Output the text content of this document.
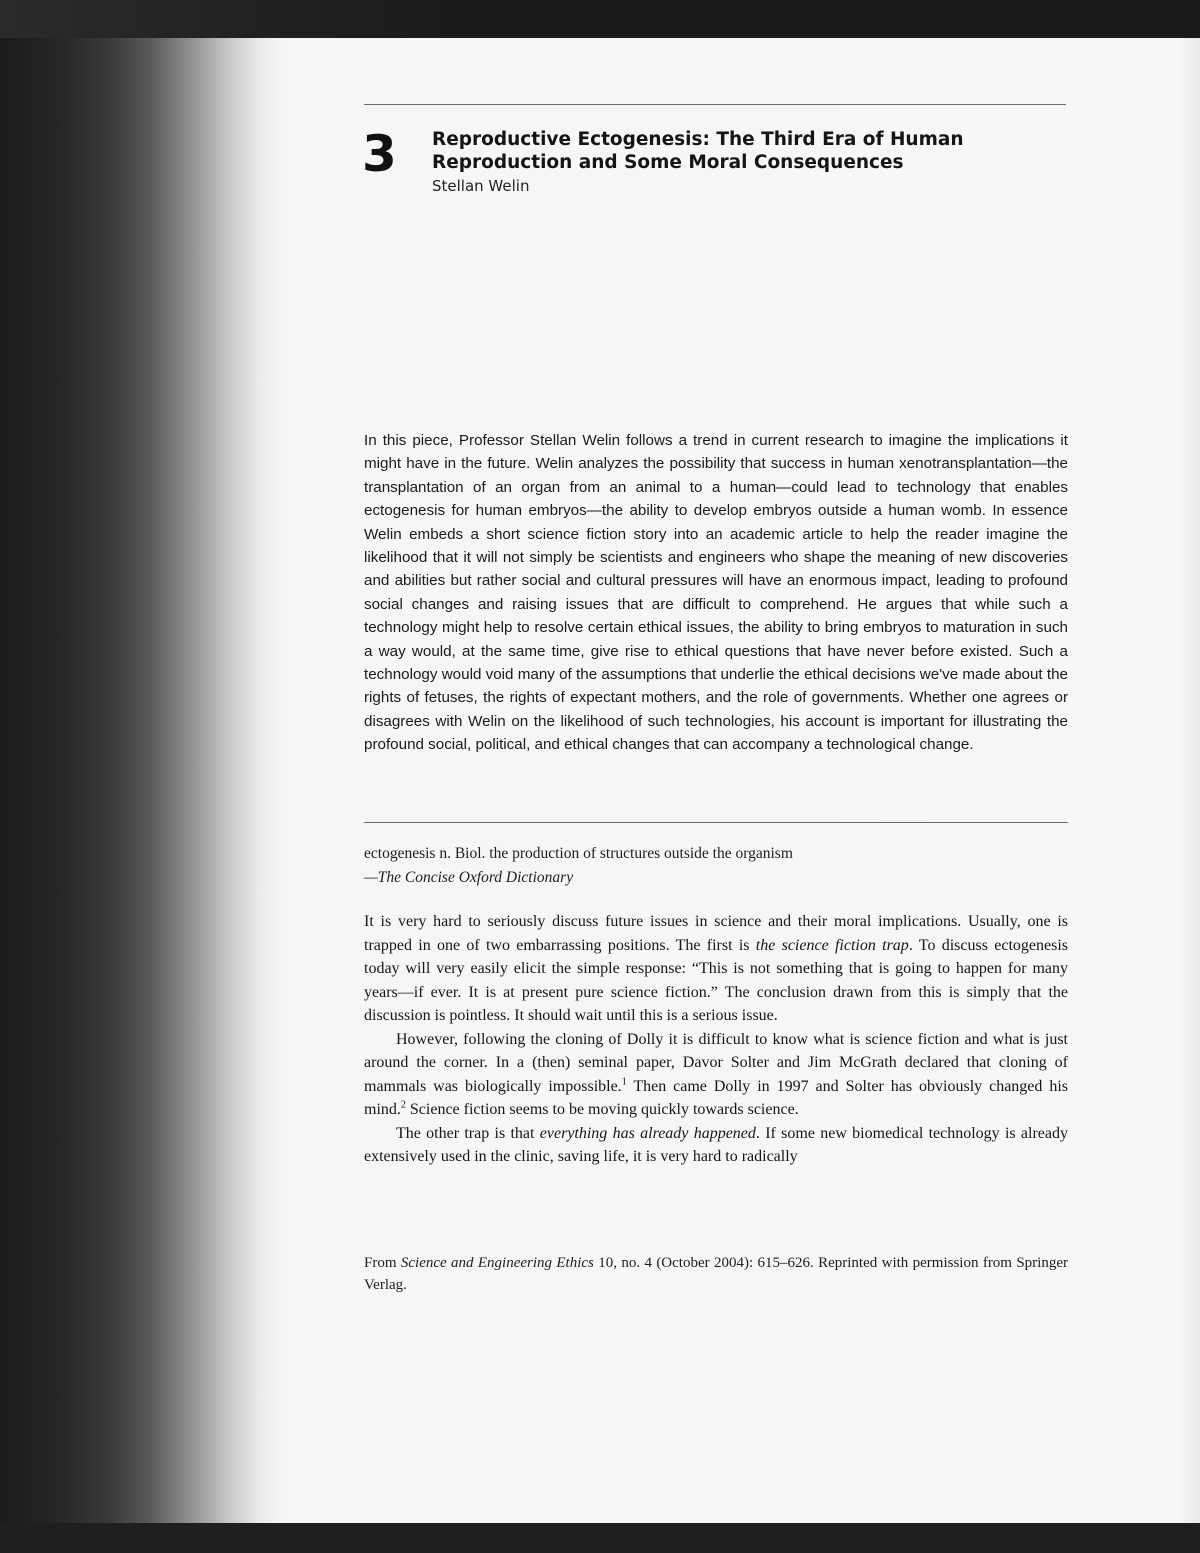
3 Reproductive Ectogenesis: The Third Era of Human Reproduction and Some Moral Consequences
Stellan Welin

In this piece, Professor Stellan Welin follows a trend in current research to imagine the implications it might have in the future. Welin analyzes the possibility that success in human xenotransplantation—the transplantation of an organ from an animal to a human—could lead to technology that enables ectogenesis for human embryos—the ability to develop embryos outside a human womb. In essence Welin embeds a short science fiction story into an academic article to help the reader imagine the likelihood that it will not simply be scientists and engineers who shape the meaning of new discoveries and abilities but rather social and cultural pressures will have an enormous impact, leading to profound social changes and raising issues that are difficult to comprehend. He argues that while such a technology might help to resolve certain ethical issues, the ability to bring embryos to maturation in such a way would, at the same time, give rise to ethical questions that have never before existed. Such a technology would void many of the assumptions that underlie the ethical decisions we've made about the rights of fetuses, the rights of expectant mothers, and the role of governments. Whether one agrees or disagrees with Welin on the likelihood of such technologies, his account is important for illustrating the profound social, political, and ethical changes that can accompany a technological change.

ectogenesis n. Biol. the production of structures outside the organism
—The Concise Oxford Dictionary

It is very hard to seriously discuss future issues in science and their moral implications. Usually, one is trapped in one of two embarrassing positions. The first is the science fiction trap. To discuss ectogenesis today will very easily elicit the simple response: “This is not something that is going to happen for many years—if ever. It is at present pure science fiction.” The conclusion drawn from this is simply that the discussion is pointless. It should wait until this is a serious issue.

However, following the cloning of Dolly it is difficult to know what is science fiction and what is just around the corner. In a (then) seminal paper, Davor Solter and Jim McGrath declared that cloning of mammals was biologically impossible.$^1$ Then came Dolly in 1997 and Solter has obviously changed his mind.$^2$ Science fiction seems to be moving quickly towards science.

The other trap is that everything has already happened. If some new biomedical technology is already extensively used in the clinic, saving life, it is very hard to radically

From Science and Engineering Ethics 10, no. 4 (October 2004): 615–626. Reprinted with permission from Springer Verlag.
